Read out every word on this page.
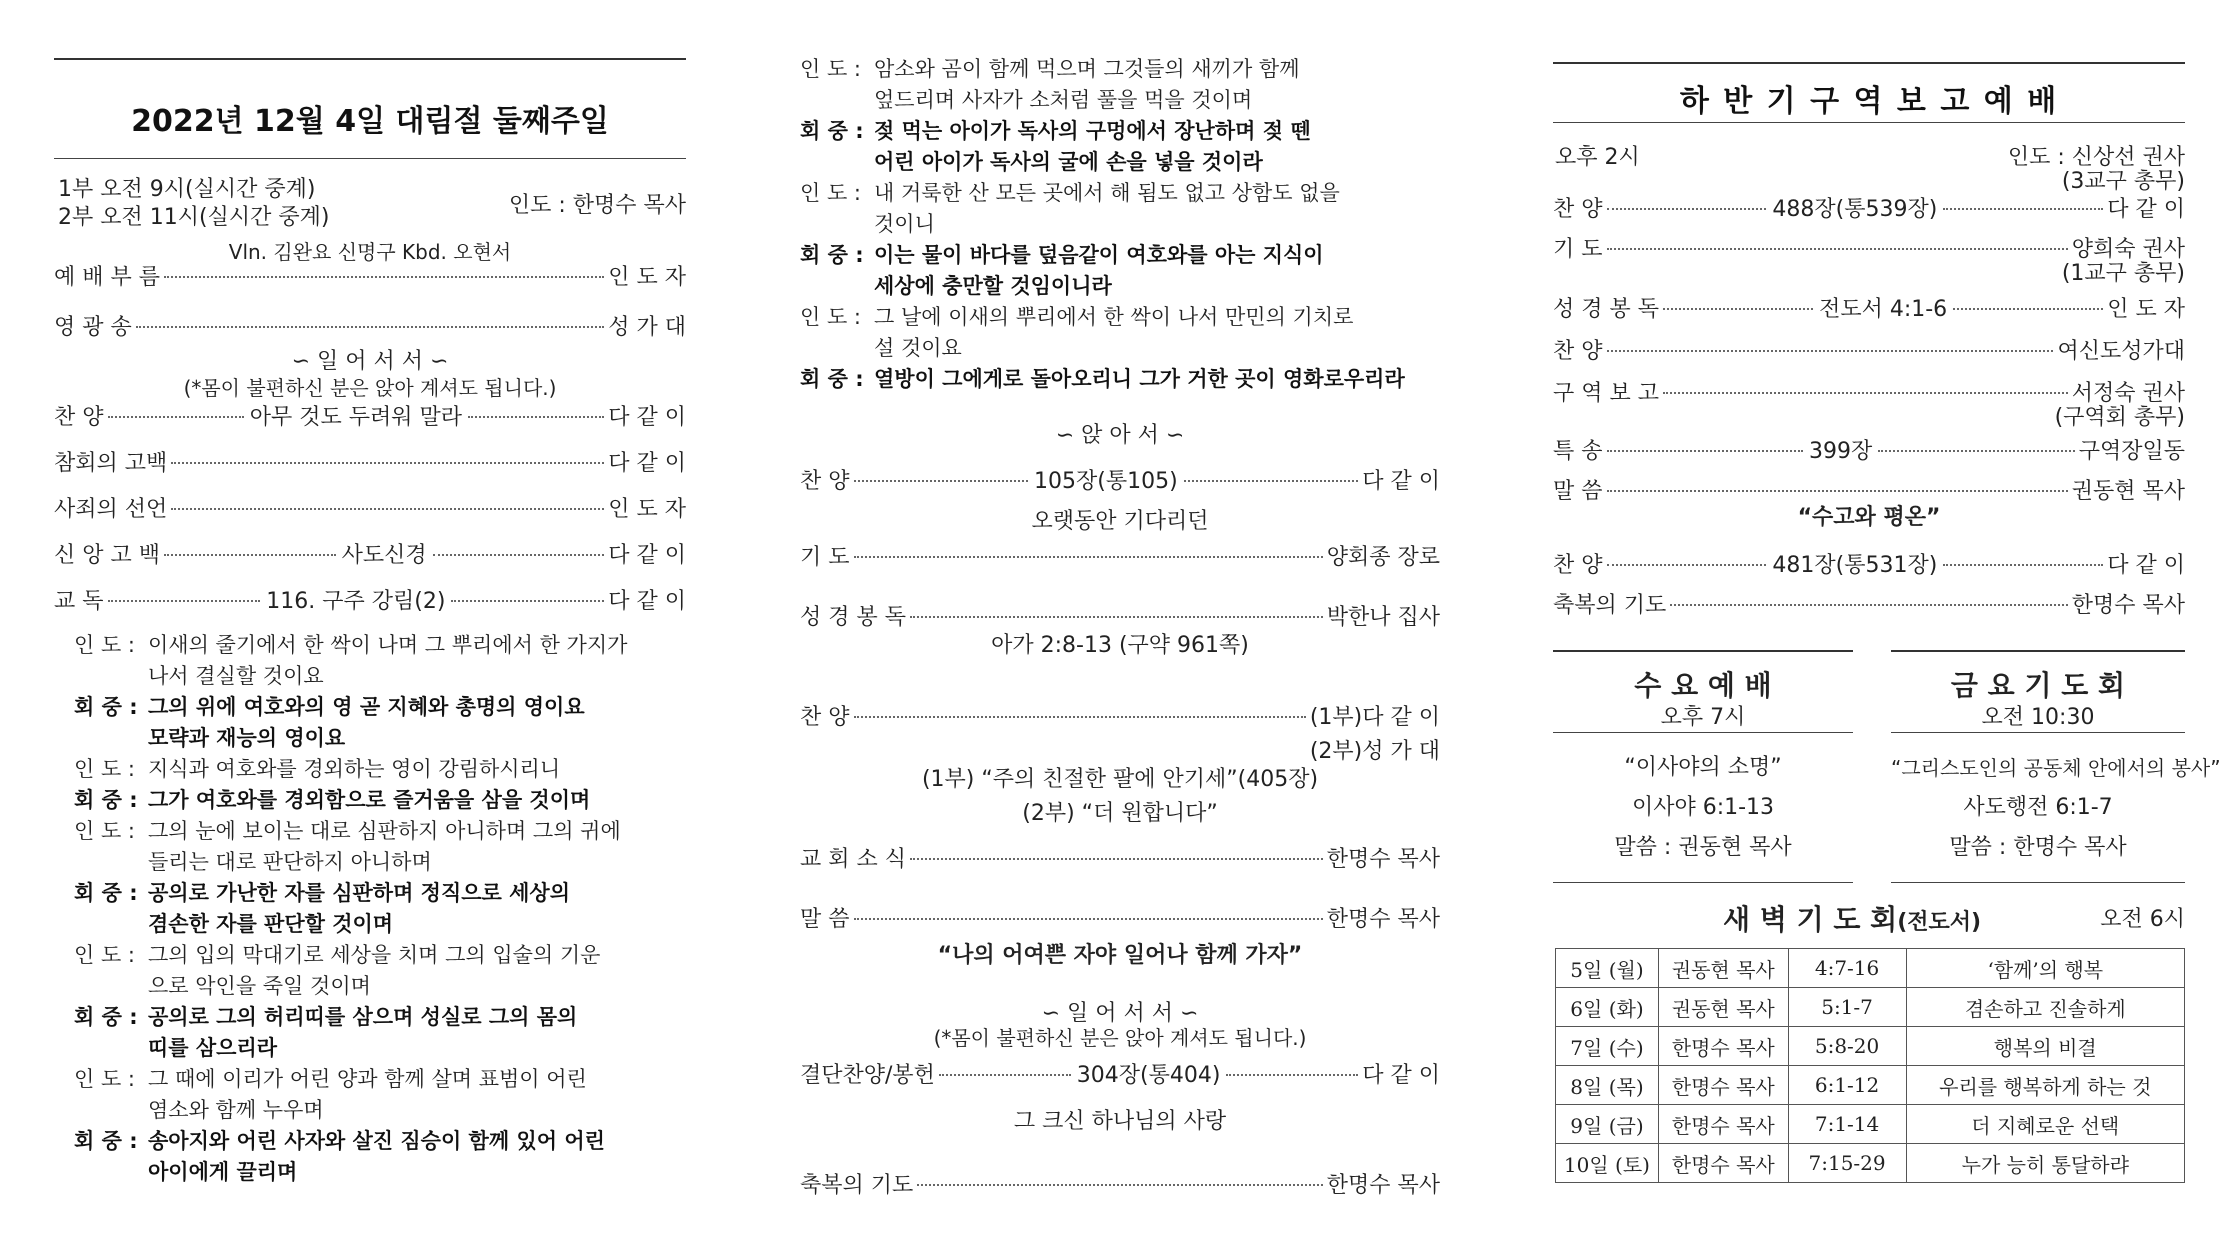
2022년 12월 4일 대림절 둘째주일
1부 오전 9시(실시간 중계)
2부 오전 11시(실시간 중계)	인도 : 한명수 목사
Vln. 김완요 신명구 Kbd. 오현서
예 배 부 름	인 도 자
영 광 송	성 가 대
∽ 일 어 서 서 ∽
(*몸이 불편하신 분은 앉아 계셔도 됩니다.)
찬 양	아무 것도 두려워 말라	다 같 이
참회의 고백	다 같 이
사죄의 선언	인 도 자
신 앙 고 백	사도신경	다 같 이
교 독	116. 구주 강림(2)	다 같 이
인 도 : 이새의 줄기에서 한 싹이 나며 그 뿌리에서 한 가지가
나서 결실할 것이요
회 중 : 그의 위에 여호와의 영 곧 지혜와 총명의 영이요
모략과 재능의 영이요
인 도 : 지식과 여호와를 경외하는 영이 강림하시리니
회 중 : 그가 여호와를 경외함으로 즐거움을 삼을 것이며
인 도 : 그의 눈에 보이는 대로 심판하지 아니하며 그의 귀에
들리는 대로 판단하지 아니하며
회 중 : 공의로 가난한 자를 심판하며 정직으로 세상의
겸손한 자를 판단할 것이며
인 도 : 그의 입의 막대기로 세상을 치며 그의 입술의 기운
으로 악인을 죽일 것이며
회 중 : 공의로 그의 허리띠를 삼으며 성실로 그의 몸의
띠를 삼으리라
인 도 : 그 때에 이리가 어린 양과 함께 살며 표범이 어린
염소와 함께 누우며
회 중 : 송아지와 어린 사자와 살진 짐승이 함께 있어 어린
아이에게 끌리며
인 도 : 암소와 곰이 함께 먹으며 그것들의 새끼가 함께
엎드리며 사자가 소처럼 풀을 먹을 것이며
회 중 : 젖 먹는 아이가 독사의 구멍에서 장난하며 젖 뗀
어린 아이가 독사의 굴에 손을 넣을 것이라
인 도 : 내 거룩한 산 모든 곳에서 해 됨도 없고 상함도 없을
것이니
회 중 : 이는 물이 바다를 덮음같이 여호와를 아는 지식이
세상에 충만할 것임이니라
인 도 : 그 날에 이새의 뿌리에서 한 싹이 나서 만민의 기치로
설 것이요
회 중 : 열방이 그에게로 돌아오리니 그가 거한 곳이 영화로우리라
∽ 앉 아 서 ∽
찬 양	105장(통105)	다 같 이
오랫동안 기다리던
기 도	양회종 장로
성 경 봉 독	박한나 집사
아가 2:8-13 (구약 961쪽)
찬 양	(1부)다 같 이
(2부)성 가 대
(1부) “주의 친절한 팔에 안기세”(405장)
(2부) “더 원합니다”
교 회 소 식	한명수 목사
말 씀	한명수 목사
“나의 어여쁜 자야 일어나 함께 가자”
∽ 일 어 서 서 ∽
(*몸이 불편하신 분은 앉아 계셔도 됩니다.)
결단찬양/봉헌	304장(통404)	다 같 이
그 크신 하나님의 사랑
축복의 기도	한명수 목사
하 반 기 구 역 보 고 예 배
오후 2시	인도 : 신상선 권사
(3교구 총무)
찬 양	488장(통539장)	다 같 이
기 도	양희숙 권사
(1교구 총무)
성 경 봉 독	전도서 4:1-6	인 도 자
찬 양	여신도성가대
구 역 보 고	서정숙 권사
(구역회 총무)
특 송	399장	구역장일동
말 씀	권동현 목사
“수고와 평온”
찬 양	481장(통531장)	다 같 이
축복의 기도	한명수 목사
수 요 예 배
오후 7시
“이사야의 소명”
이사야 6:1-13
말씀 : 권동현 목사
금 요 기 도 회
오전 10:30
“그리스도인의 공동체 안에서의 봉사”
사도행전 6:1-7
말씀 : 한명수 목사
새 벽 기 도 회(전도서)	오전 6시
5일 (월)	권동현 목사	4:7-16	‘함께’의 행복
6일 (화)	권동현 목사	5:1-7	겸손하고 진솔하게
7일 (수)	한명수 목사	5:8-20	행복의 비결
8일 (목)	한명수 목사	6:1-12	우리를 행복하게 하는 것
9일 (금)	한명수 목사	7:1-14	더 지혜로운 선택
10일 (토)	한명수 목사	7:15-29	누가 능히 통달하랴
